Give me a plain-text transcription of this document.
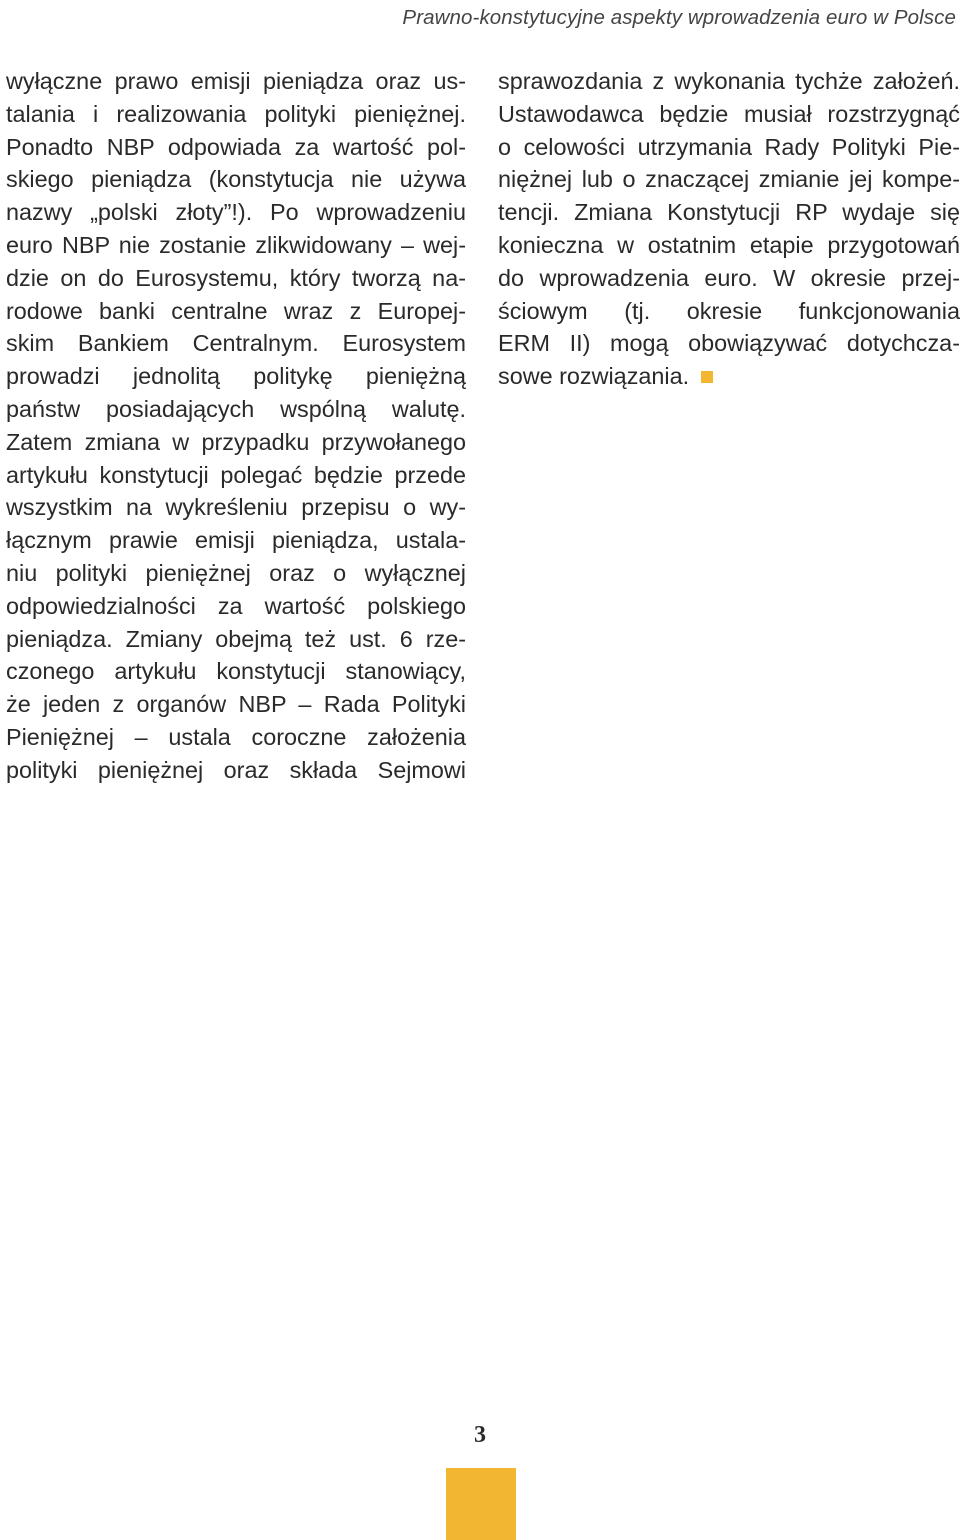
Prawno-konstytucyjne aspekty wprowadzenia euro w Polsce

wyłączne prawo emisji pieniądza oraz us-
talania i realizowania polityki pieniężnej.
Ponadto NBP odpowiada za wartość pol-
skiego pieniądza (konstytucja nie używa
nazwy „polski złoty”!). Po wprowadzeniu
euro NBP nie zostanie zlikwidowany – wej-
dzie on do Eurosystemu, który tworzą na-
rodowe banki centralne wraz z Europej-
skim Bankiem Centralnym. Eurosystem
prowadzi jednolitą politykę pieniężną
państw posiadających wspólną walutę.
Zatem zmiana w przypadku przywołanego
artykułu konstytucji polegać będzie przede
wszystkim na wykreśleniu przepisu o wy-
łącznym prawie emisji pieniądza, ustala-
niu polityki pieniężnej oraz o wyłącznej
odpowiedzialności za wartość polskiego
pieniądza. Zmiany obejmą też ust. 6 rze-
czonego artykułu konstytucji stanowiący,
że jeden z organów NBP – Rada Polityki
Pieniężnej – ustala coroczne założenia
polityki pieniężnej oraz składa Sejmowi
sprawozdania z wykonania tychże założeń.
Ustawodawca będzie musiał rozstrzygnąć
o celowości utrzymania Rady Polityki Pie-
niężnej lub o znaczącej zmianie jej kompe-
tencji. Zmiana Konstytucji RP wydaje się
konieczna w ostatnim etapie przygotowań
do wprowadzenia euro. W okresie przej-
ściowym (tj. okresie funkcjonowania
ERM II) mogą obowiązywać dotychcza-
sowe rozwiązania.

3
